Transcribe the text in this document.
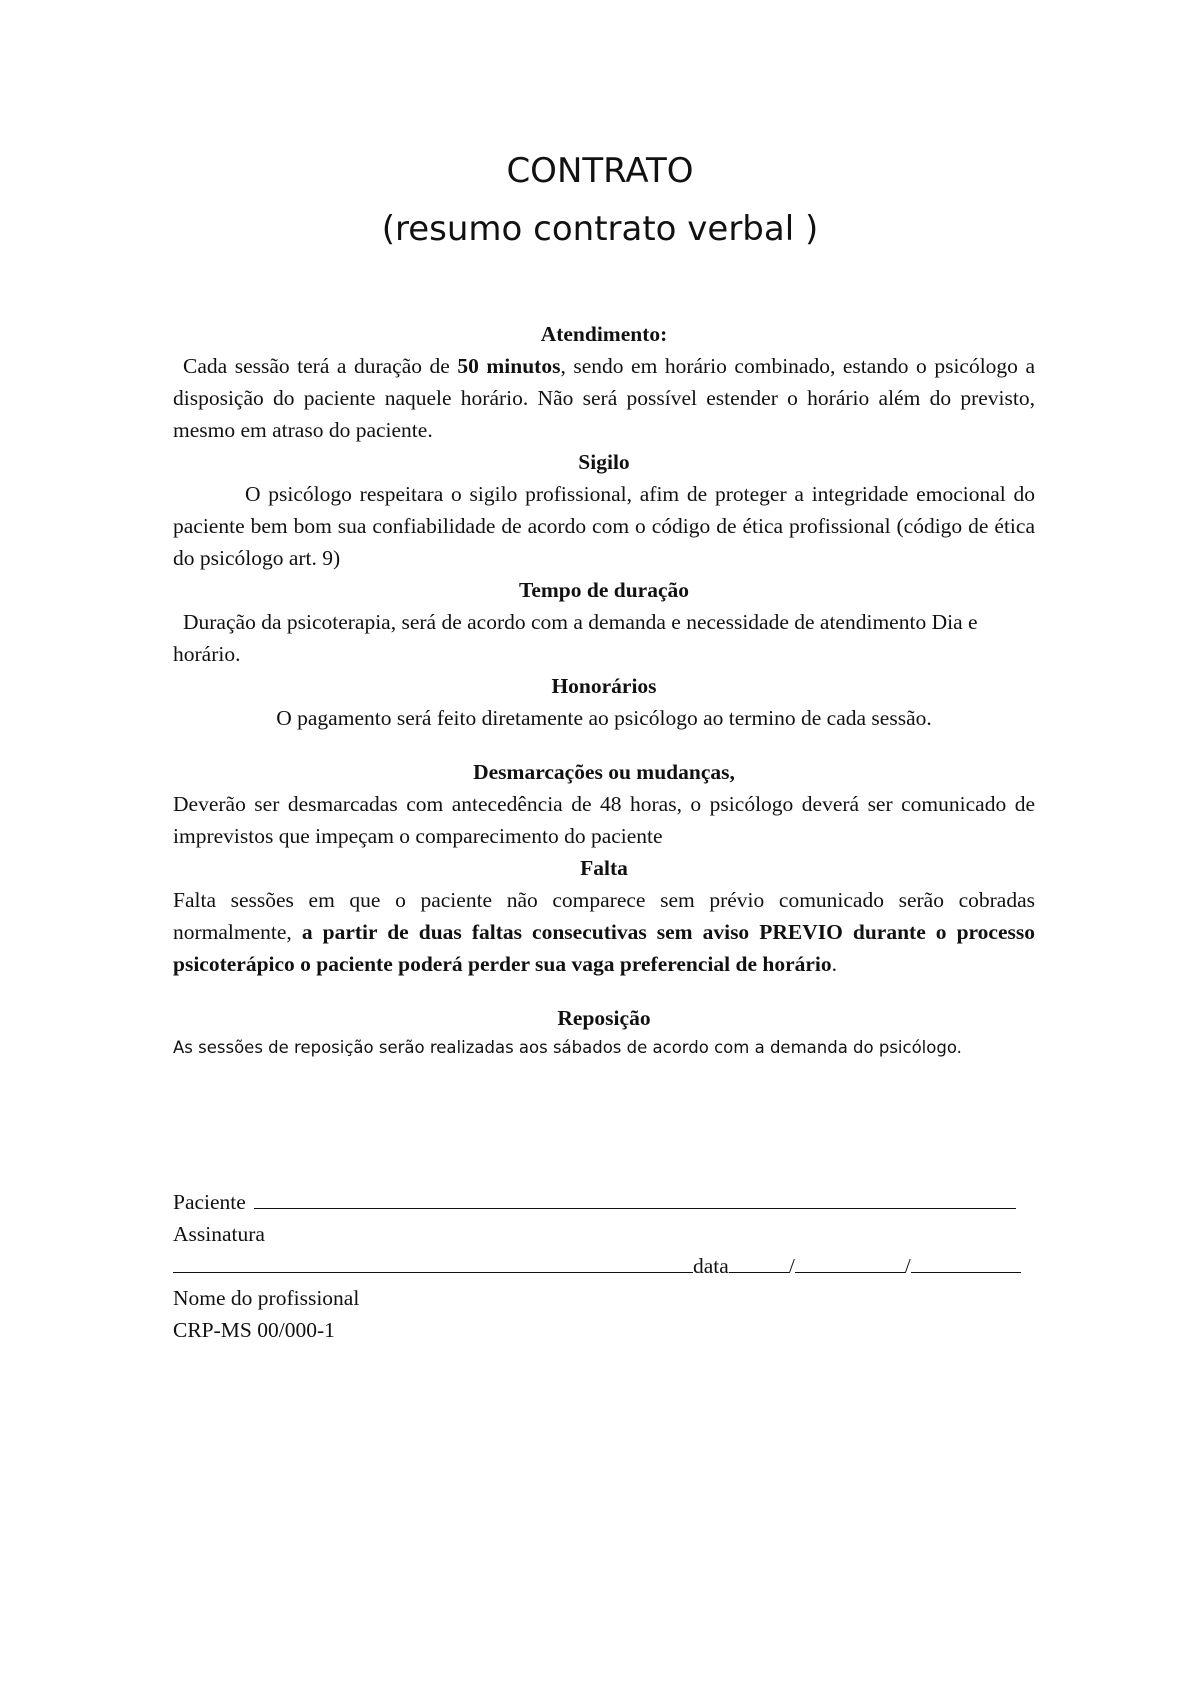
CONTRATO
(resumo contrato verbal )
Atendimento:
Cada sessão terá a duração de 50 minutos, sendo em horário combinado, estando o psicólogo a disposição do paciente naquele horário. Não será possível estender o horário além do previsto, mesmo em atraso do paciente.
Sigilo
O psicólogo respeitara o sigilo profissional, afim de proteger a integridade emocional do paciente bem bom sua confiabilidade de acordo com o código de ética profissional (código de ética do psicólogo art. 9)
Tempo de duração
Duração da psicoterapia, será de acordo com a demanda e necessidade de atendimento Dia e horário.
Honorários
O pagamento será feito diretamente ao psicólogo ao termino de cada sessão.
Desmarcações ou mudanças,
Deverão ser desmarcadas com antecedência de 48 horas, o psicólogo deverá ser comunicado de imprevistos que impeçam o comparecimento do paciente
Falta
Falta sessões em que o paciente não comparece sem prévio comunicado serão cobradas normalmente, a partir de duas faltas consecutivas sem aviso PREVIO durante o processo psicoterápico o paciente poderá perder sua vaga preferencial de horário.
Reposição
As sessões de reposição serão realizadas aos sábados de acordo com a demanda do psicólogo.
Paciente
Assinatura
data	/	/
Nome do profissional
CRP-MS 00/000-1
